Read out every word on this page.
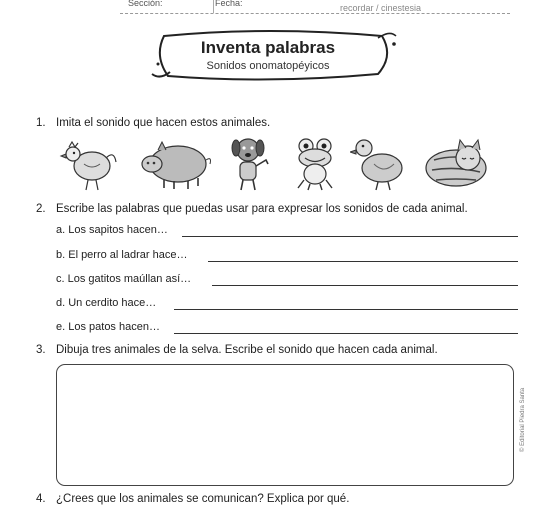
Sección:	Fecha:	recordar / cinestesia
Inventa palabras
Sonidos onomatopéyicos
1. Imita el sonido que hacen estos animales.
2. Escribe las palabras que puedas usar para expresar los sonidos de cada animal.
a. Los sapitos hacen…
b. El perro al ladrar hace…
c. Los gatitos maúllan así…
d. Un cerdito hace…
e. Los patos hacen…
3. Dibuja tres animales de la selva. Escribe el sonido que hacen cada animal.
4. ¿Crees que los animales se comunican? Explica por qué.
© Editorial Piedra Santa
